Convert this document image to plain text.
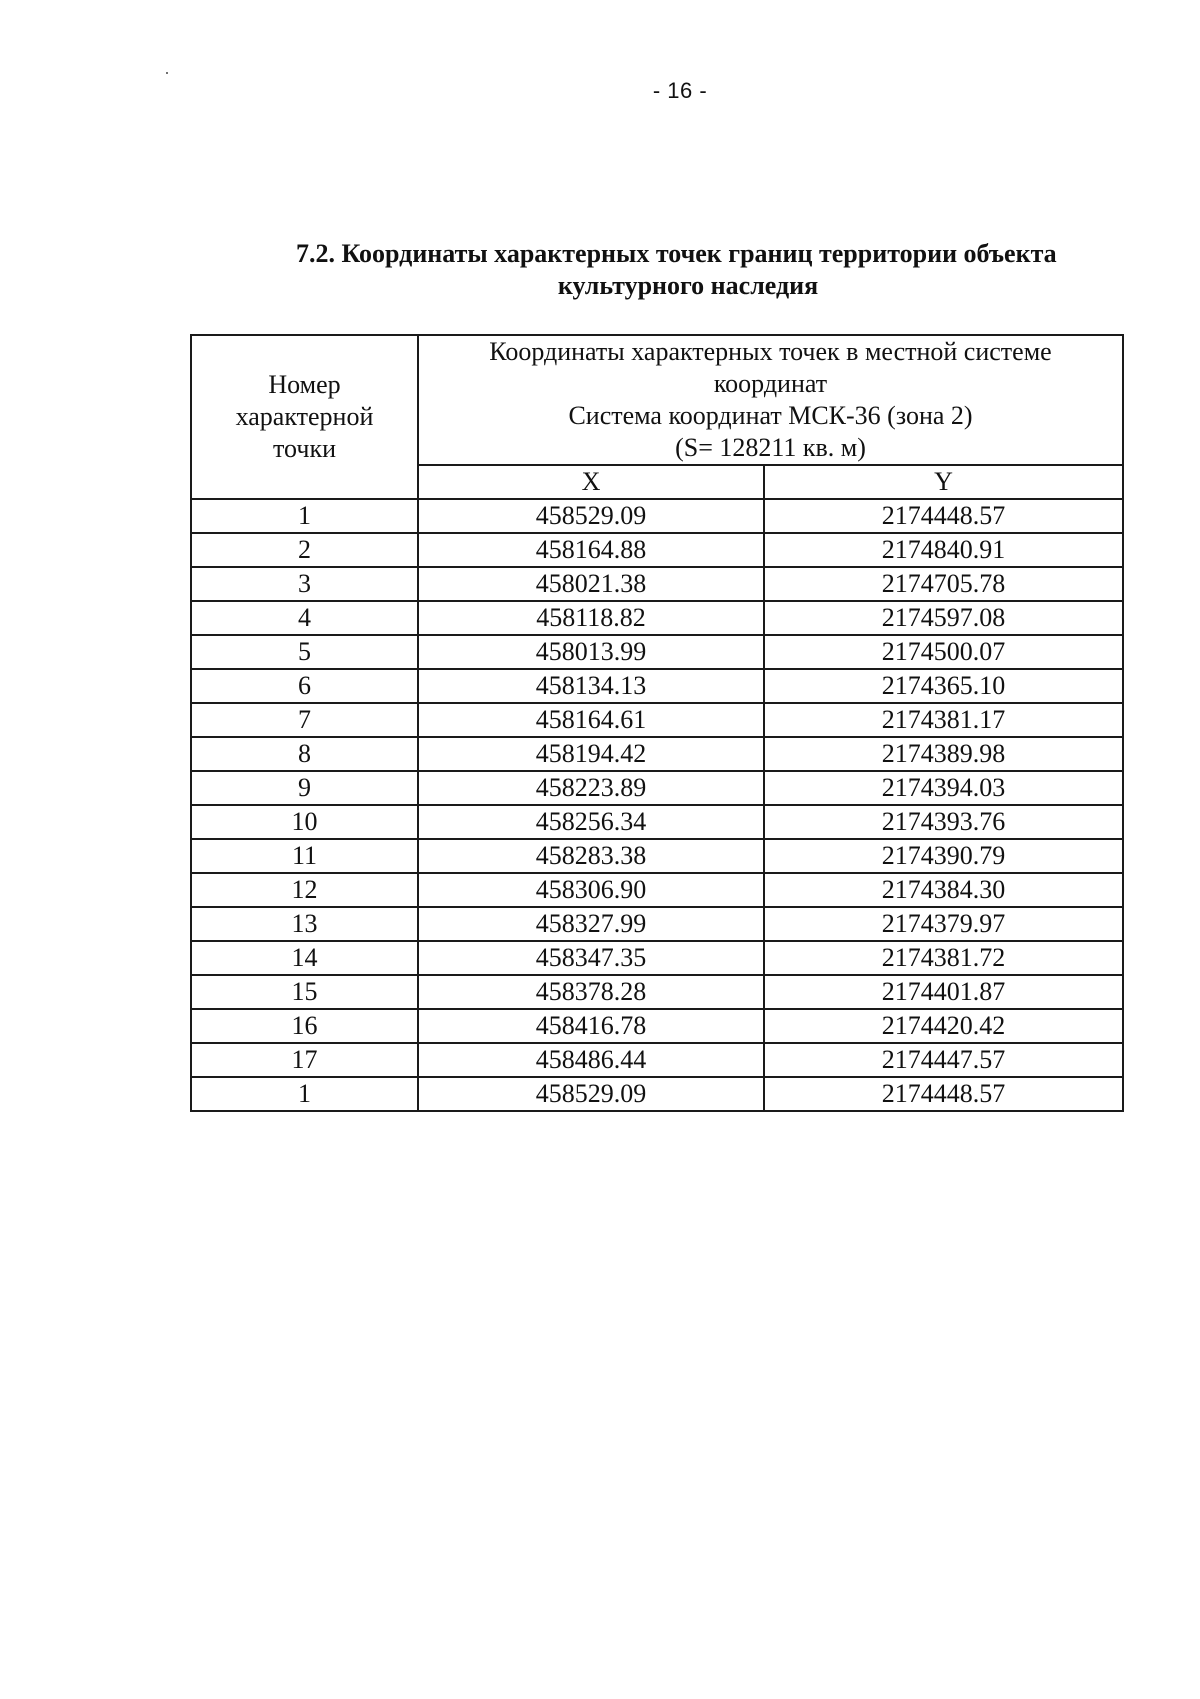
- 16 -
7.2. Координаты характерных точек границ территории объекта
культурного наследия
Номер
характерной
точки	Координаты характерных точек в местной системе
координат
Система координат МСК-36 (зона 2)
(S= 128211 кв. м)	

	X	Y
1	458529.09	2174448.57
2	458164.88	2174840.91
3	458021.38	2174705.78
4	458118.82	2174597.08
5	458013.99	2174500.07
6	458134.13	2174365.10
7	458164.61	2174381.17
8	458194.42	2174389.98
9	458223.89	2174394.03
10	458256.34	2174393.76
11	458283.38	2174390.79
12	458306.90	2174384.30
13	458327.99	2174379.97
14	458347.35	2174381.72
15	458378.28	2174401.87
16	458416.78	2174420.42
17	458486.44	2174447.57
1	458529.09	2174448.57
